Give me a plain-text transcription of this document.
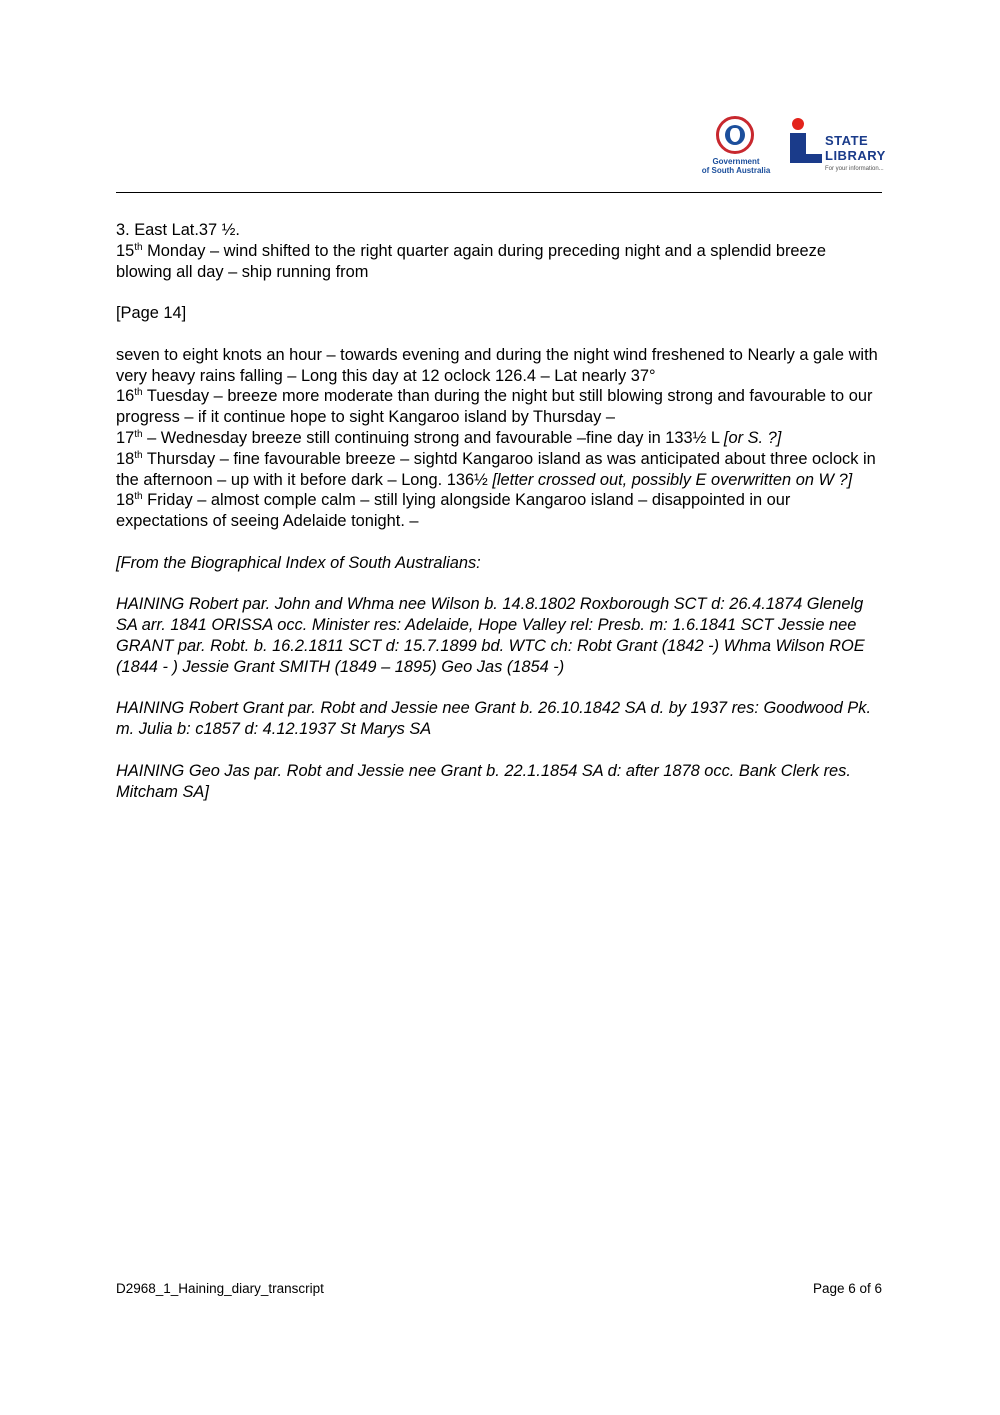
Government
of South Australia
STATE
LIBRARY
For your information...

3. East Lat.37 ½.

15th Monday – wind shifted to the right quarter again during preceding night and a splendid breeze blowing all day – ship running from

[Page 14]

seven to eight knots an hour – towards evening and during the night wind freshened to Nearly a gale with very heavy rains falling – Long this day at 12 oclock 126.4 – Lat nearly 37°

16th Tuesday – breeze more moderate than during the night but still blowing strong and favourable to our progress – if it continue hope to sight Kangaroo island by Thursday –

17th – Wednesday breeze still continuing strong and favourable –fine day in 133½ L [or S. ?]

18th Thursday – fine favourable breeze – sightd Kangaroo island as was anticipated about three oclock in the afternoon – up with it before dark – Long. 136½ [letter crossed out, possibly E overwritten on W ?]

18th Friday – almost comple calm – still lying alongside Kangaroo island – disappointed in our expectations of seeing Adelaide tonight. –

[From the Biographical Index of South Australians:

HAINING Robert par. John and Whma nee Wilson b. 14.8.1802 Roxborough SCT d: 26.4.1874 Glenelg SA arr. 1841 ORISSA occ. Minister res: Adelaide, Hope Valley rel: Presb. m: 1.6.1841 SCT Jessie nee GRANT par. Robt. b. 16.2.1811 SCT d: 15.7.1899 bd. WTC ch: Robt Grant (1842 -) Whma Wilson ROE (1844 - ) Jessie Grant SMITH (1849 – 1895) Geo Jas (1854 -)

HAINING Robert Grant par. Robt and Jessie nee Grant b. 26.10.1842 SA d. by 1937 res: Goodwood Pk. m. Julia b: c1857 d: 4.12.1937 St Marys SA

HAINING Geo Jas par. Robt and Jessie nee Grant b. 22.1.1854 SA d: after 1878 occ. Bank Clerk res. Mitcham SA]

D2968_1_Haining_diary_transcript	Page 6 of 6
